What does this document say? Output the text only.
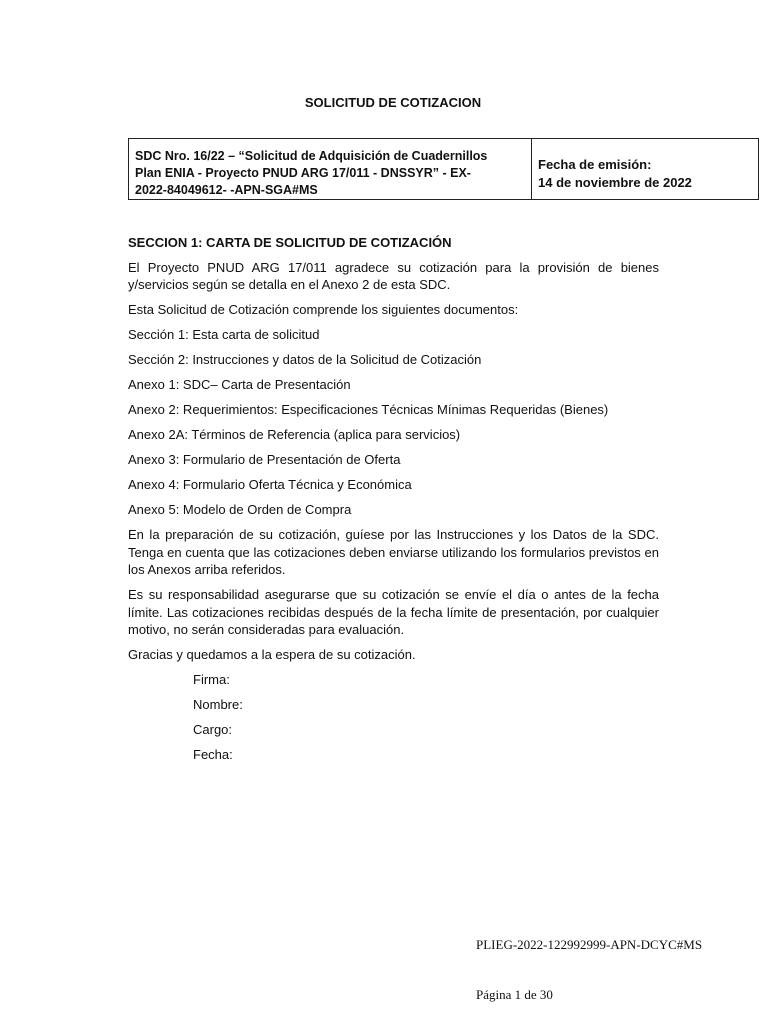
SOLICITUD DE COTIZACION
SDC Nro. 16/22 – “Solicitud de Adquisición de Cuadernillos
Plan ENIA - Proyecto PNUD ARG 17/011 - DNSSYR” - EX-
2022-84049612- -APN-SGA#MS
Fecha de emisión:
14 de noviembre de 2022
SECCION 1: CARTA DE SOLICITUD DE COTIZACIÓN
El Proyecto PNUD ARG 17/011 agradece su cotización para la provisión de bienes y/servicios según se detalla en el Anexo 2 de esta SDC.
Esta Solicitud de Cotización comprende los siguientes documentos:
Sección 1: Esta carta de solicitud
Sección 2: Instrucciones y datos de la Solicitud de Cotización
Anexo 1: SDC– Carta de Presentación
Anexo 2: Requerimientos: Especificaciones Técnicas Mínimas Requeridas (Bienes)
Anexo 2A: Términos de Referencia (aplica para servicios)
Anexo 3: Formulario de Presentación de Oferta
Anexo 4: Formulario Oferta Técnica y Económica
Anexo 5: Modelo de Orden de Compra
En la preparación de su cotización, guíese por las Instrucciones y los Datos de la SDC. Tenga en cuenta que las cotizaciones deben enviarse utilizando los formularios previstos en los Anexos arriba referidos.
Es su responsabilidad asegurarse que su cotización se envíe el día o antes de la fecha límite. Las cotizaciones recibidas después de la fecha límite de presentación, por cualquier motivo, no serán consideradas para evaluación.
Gracias y quedamos a la espera de su cotización.
Firma:
Nombre:
Cargo:
Fecha:
PLIEG-2022-122992999-APN-DCYC#MS
Página 1 de 30
